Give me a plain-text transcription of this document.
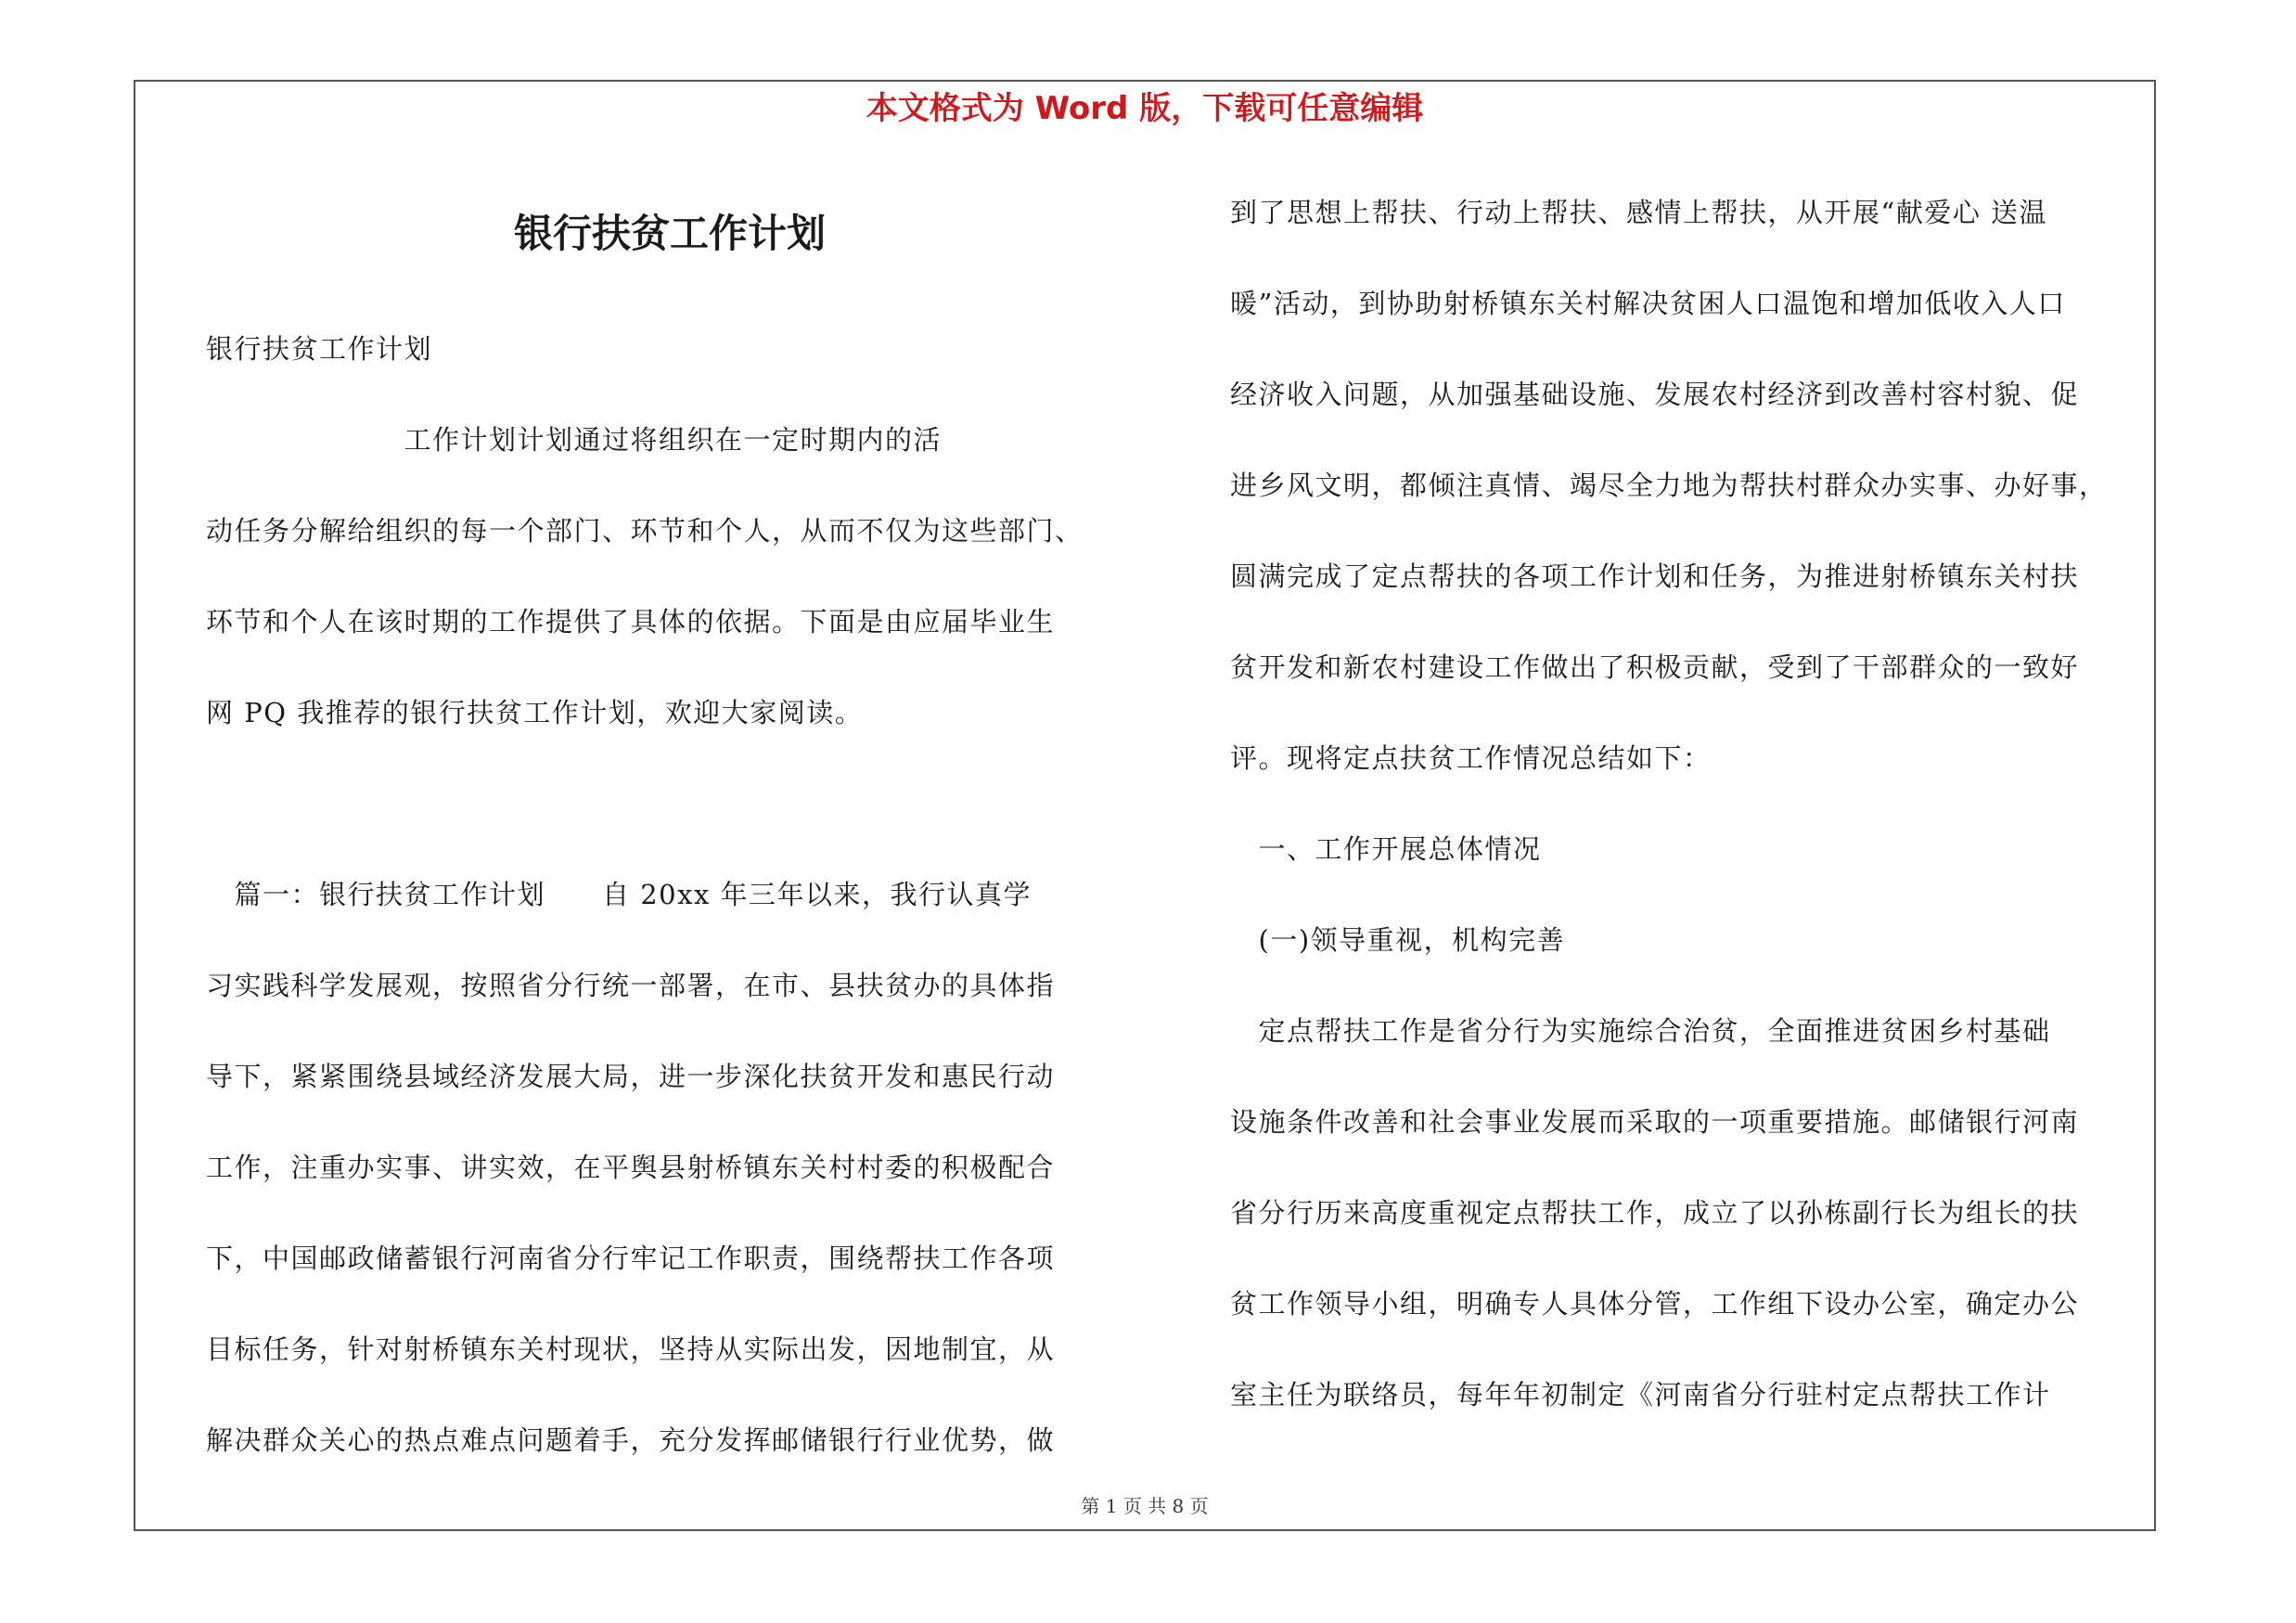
本文格式为 Word 版，下载可任意编辑
银行扶贫工作计划

银行扶贫工作计划

　　　　　　　工作计划计划通过将组织在一定时期内的活

动任务分解给组织的每一个部门、环节和个人，从而不仅为这些部门、

环节和个人在该时期的工作提供了具体的依据。下面是由应届毕业生

网 PQ 我推荐的银行扶贫工作计划，欢迎大家阅读。

　篇一：银行扶贫工作计划　　自 20xx 年三年以来，我行认真学

习实践科学发展观，按照省分行统一部署，在市、县扶贫办的具体指

导下，紧紧围绕县域经济发展大局，进一步深化扶贫开发和惠民行动

工作，注重办实事、讲实效，在平舆县射桥镇东关村村委的积极配合

下，中国邮政储蓄银行河南省分行牢记工作职责，围绕帮扶工作各项

目标任务，针对射桥镇东关村现状，坚持从实际出发，因地制宜，从

解决群众关心的热点难点问题着手，充分发挥邮储银行行业优势，做

到了思想上帮扶、行动上帮扶、感情上帮扶，从开展“献爱心 送温

暖”活动，到协助射桥镇东关村解决贫困人口温饱和增加低收入人口

经济收入问题，从加强基础设施、发展农村经济到改善村容村貌、促

进乡风文明，都倾注真情、竭尽全力地为帮扶村群众办实事、办好事，

圆满完成了定点帮扶的各项工作计划和任务，为推进射桥镇东关村扶

贫开发和新农村建设工作做出了积极贡献，受到了干部群众的一致好

评。现将定点扶贫工作情况总结如下：

　一、工作开展总体情况

　(一)领导重视，机构完善

　定点帮扶工作是省分行为实施综合治贫，全面推进贫困乡村基础

设施条件改善和社会事业发展而采取的一项重要措施。邮储银行河南

省分行历来高度重视定点帮扶工作，成立了以孙栋副行长为组长的扶

贫工作领导小组，明确专人具体分管，工作组下设办公室，确定办公

室主任为联络员，每年年初制定《河南省分行驻村定点帮扶工作计

第 1 页 共 8 页
